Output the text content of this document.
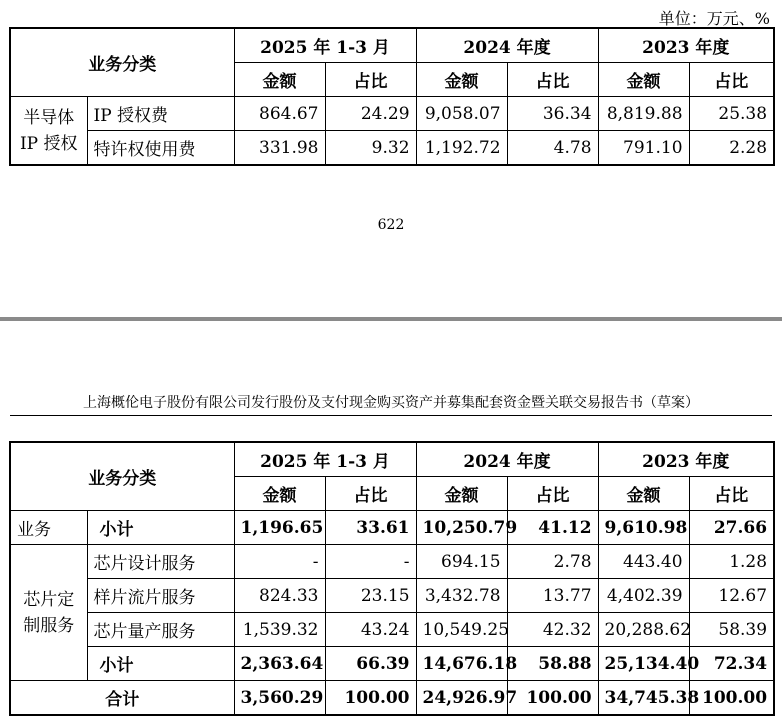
单位：万元、%
业务分类		2025 年 1-3 月		2024 年度		2023 年度	
		金额	占比	金额	占比	金额	占比
半导体
IP 授权	IP 授权费	864.67	24.29	9,058.07	36.34	8,819.88	25.38
	特许权使用费	331.98	9.32	1,192.72	4.78	791.10	2.28
622
上海概伦电子股份有限公司发行股份及支付现金购买资产并募集配套资金暨关联交易报告书（草案）
业务分类		2025 年 1-3 月		2024 年度		2023 年度	
		金额	占比	金额	占比	金额	占比
业务	小计	1,196.65	33.61	10,250.79	41.12	9,610.98	27.66
芯片定
制服务	芯片设计服务	-	-	694.15	2.78	443.40	1.28
	样片流片服务	824.33	23.15	3,432.78	13.77	4,402.39	12.67
	芯片量产服务	1,539.32	43.24	10,549.25	42.32	20,288.62	58.39
	小计	2,363.64	66.39	14,676.18	58.88	25,134.40	72.34
合计		3,560.29	100.00	24,926.97	100.00	34,745.38	100.00
